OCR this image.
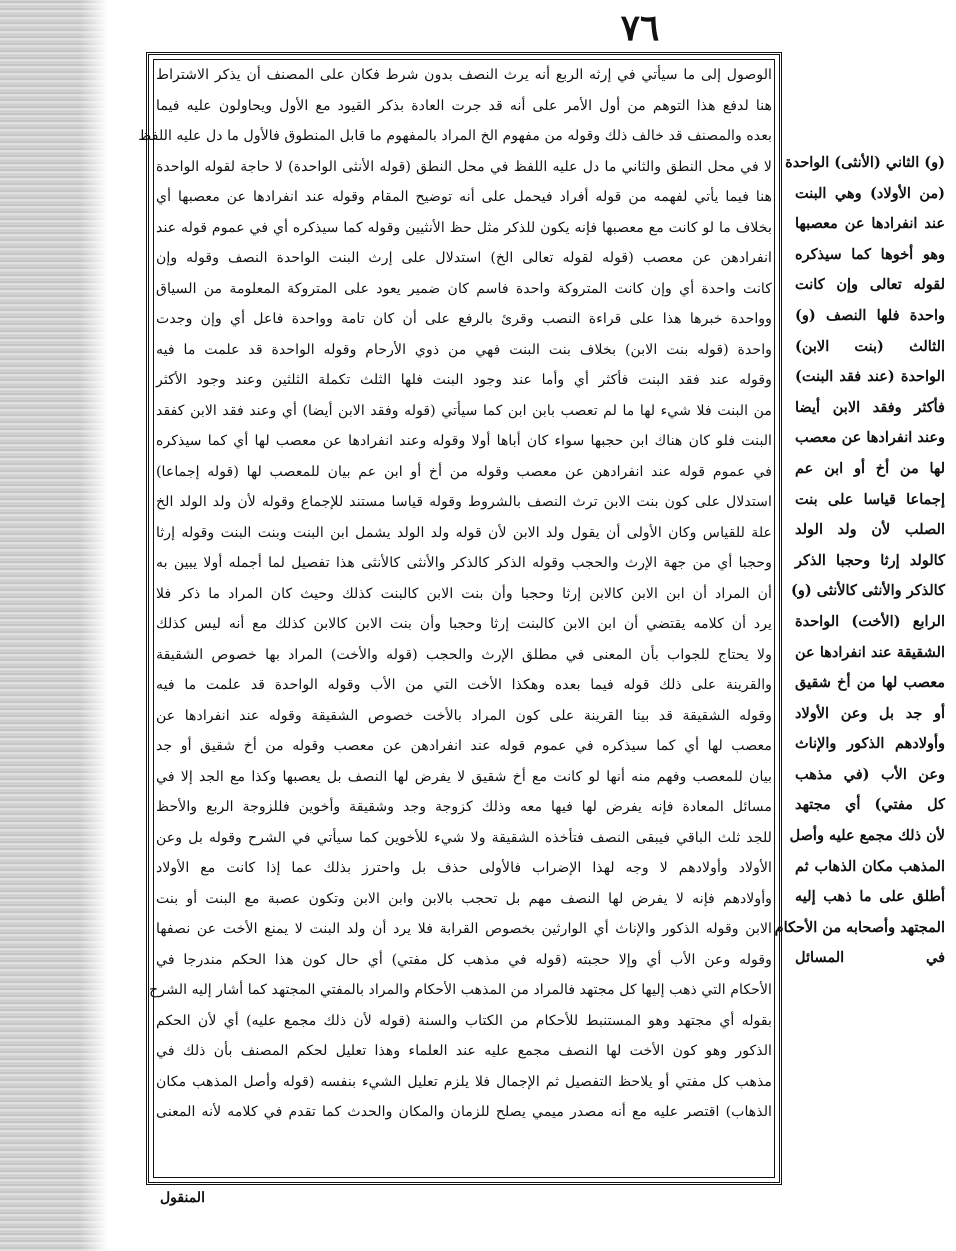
٧٦
الوصول إلى ما سيأتي في إرثه الربع أنه يرث النصف بدون شرط فكان على المصنف أن يذكر الاشتراط
هنا لدفع هذا التوهم من أول الأمر على أنه قد جرت العادة بذكر القيود مع الأول ويحاولون عليه فيما
بعده والمصنف قد خالف ذلك وقوله من مفهوم الخ المراد بالمفهوم ما قابل المنطوق فالأول ما دل عليه اللفظ
لا في محل النطق والثاني ما دل عليه اللفظ في محل النطق (قوله الأنثى الواحدة) لا حاجة لقوله الواحدة
هنا فيما يأتي لفهمه من قوله أفراد فيحمل على أنه توضيح المقام وقوله عند انفرادها عن معصبها أي
بخلاف ما لو كانت مع معصبها فإنه يكون للذكر مثل حظ الأنثيين وقوله كما سيذكره أي في عموم قوله عند
انفرادهن عن معصب (قوله لقوله تعالى الخ) استدلال على إرث البنت الواحدة النصف وقوله وإن
كانت واحدة أي وإن كانت المتروكة واحدة فاسم كان ضمير يعود على المتروكة المعلومة من السياق
وواحدة خبرها هذا على قراءة النصب وقرئ بالرفع على أن كان تامة وواحدة فاعل أي وإن وجدت
واحدة (قوله بنت الابن) بخلاف بنت البنت فهي من ذوي الأرحام وقوله الواحدة قد علمت ما فيه
وقوله عند فقد البنت فأكثر أي وأما عند وجود البنت فلها الثلث تكملة الثلثين وعند وجود الأكثر
من البنت فلا شيء لها ما لم تعصب بابن ابن كما سيأتي (قوله وفقد الابن أيضا) أي وعند فقد الابن كفقد
البنت فلو كان هناك ابن حجبها سواء كان أباها أولا وقوله وعند انفرادها عن معصب لها أي كما سيذكره
في عموم قوله عند انفرادهن عن معصب وقوله من أخ أو ابن عم بيان للمعصب لها (قوله إجماعا)
استدلال على كون بنت الابن ترث النصف بالشروط وقوله قياسا مستند للإجماع وقوله لأن ولد الولد الخ
علة للقياس وكان الأولى أن يقول ولد الابن لأن قوله ولد الولد يشمل ابن البنت وبنت البنت وقوله إرثا
وحجبا أي من جهة الإرث والحجب وقوله الذكر كالذكر والأنثى كالأنثى هذا تفصيل لما أجمله أولا يبين به
أن المراد أن ابن الابن كالابن إرثا وحجبا وأن بنت الابن كالبنت كذلك وحيث كان المراد ما ذكر فلا
يرد أن كلامه يقتضي أن ابن الابن كالبنت إرثا وحجبا وأن بنت الابن كالابن كذلك مع أنه ليس كذلك
ولا يحتاج للجواب بأن المعنى في مطلق الإرث والحجب (قوله والأخت) المراد بها خصوص الشقيقة
والقرينة على ذلك قوله فيما بعده وهكذا الأخت التي من الأب وقوله الواحدة قد علمت ما فيه
وقوله الشقيقة قد بينا القرينة على كون المراد بالأخت خصوص الشقيقة وقوله عند انفرادها عن
معصب لها أي كما سيذكره في عموم قوله عند انفرادهن عن معصب وقوله من أخ شقيق أو جد
بيان للمعصب وفهم منه أنها لو كانت مع أخ شقيق لا يفرض لها النصف بل يعصبها وكذا مع الجد إلا في
مسائل المعادة فإنه يفرض لها فيها معه وذلك كزوجة وجد وشقيقة وأخوين فللزوجة الربع والأحظ
للجد ثلث الباقي فيبقى النصف فتأخذه الشقيقة ولا شيء للأخوين كما سيأتي في الشرح وقوله بل وعن
الأولاد وأولادهم لا وجه لهذا الإضراب فالأولى حذف بل واحترز بذلك عما إذا كانت مع الأولاد
وأولادهم فإنه لا يفرض لها النصف مهم بل تحجب بالابن وابن الابن وتكون عصبة مع البنت أو بنت
الابن وقوله الذكور والإناث أي الوارثين بخصوص القرابة فلا يرد أن ولد البنت لا يمنع الأخت عن نصفها
وقوله وعن الأب أي وإلا حجبته (قوله في مذهب كل مفتي) أي حال كون هذا الحكم مندرجا في
الأحكام التي ذهب إليها كل مجتهد فالمراد من المذهب الأحكام والمراد بالمفتي المجتهد كما أشار إليه الشرح
بقوله أي مجتهد وهو المستنبط للأحكام من الكتاب والسنة (قوله لأن ذلك مجمع عليه) أي لأن الحكم
الذكور وهو كون الأخت لها النصف مجمع عليه عند العلماء وهذا تعليل لحكم المصنف بأن ذلك في
مذهب كل مفتي أو يلاحظ التفصيل ثم الإجمال فلا يلزم تعليل الشيء بنفسه (قوله وأصل المذهب مكان
الذهاب) اقتصر عليه مع أنه مصدر ميمي يصلح للزمان والمكان والحدث كما تقدم في كلامه لأنه المعنى
(و) الثاني (الأنثى) الواحدة
(من الأولاد) وهي البنت
عند انفرادها عن معصبها
وهو أخوها كما سيذكره
لقوله تعالى وإن كانت
واحدة فلها النصف (و)
الثالث (بنت الابن)
الواحدة (عند فقد البنت)
فأكثر وفقد الابن أيضا
وعند انفرادها عن معصب
لها من أخ أو ابن عم
إجماعا قياسا على بنت
الصلب لأن ولد الولد
كالولد إرثا وحجبا الذكر
كالذكر والأنثى كالأنثى (و)
الرابع (الأخت) الواحدة
الشقيقة عند انفرادها عن
معصب لها من أخ شقيق
أو جد بل وعن الأولاد
وأولادهم الذكور والإناث
وعن الأب (في مذهب
كل مفتي) أي مجتهد
لأن ذلك مجمع عليه وأصل
المذهب مكان الذهاب ثم
أطلق على ما ذهب إليه
المجتهد وأصحابه من الأحكام
في المسائل
المنقول
